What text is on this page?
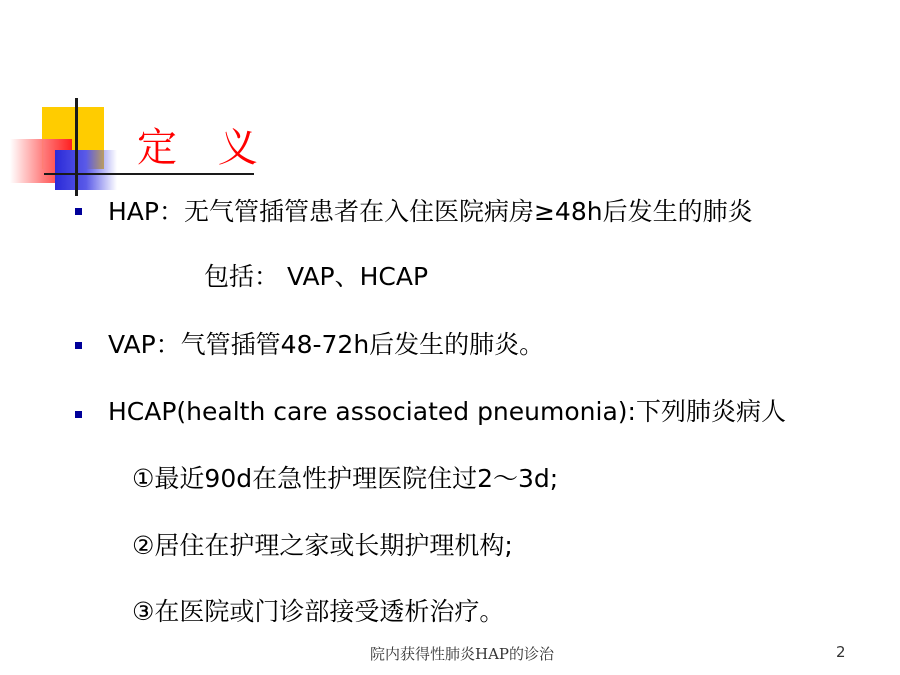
定 义
HAP：无气管插管患者在入住医院病房≥48h后发生的肺炎
包括： VAP、HCAP
VAP：气管插管48-72h后发生的肺炎。
HCAP(health care associated pneumonia):下列肺炎病人
①最近90d在急性护理医院住过2～3d;
②居住在护理之家或长期护理机构;
③在医院或门诊部接受透析治疗。
院内获得性肺炎HAP的诊治	2
